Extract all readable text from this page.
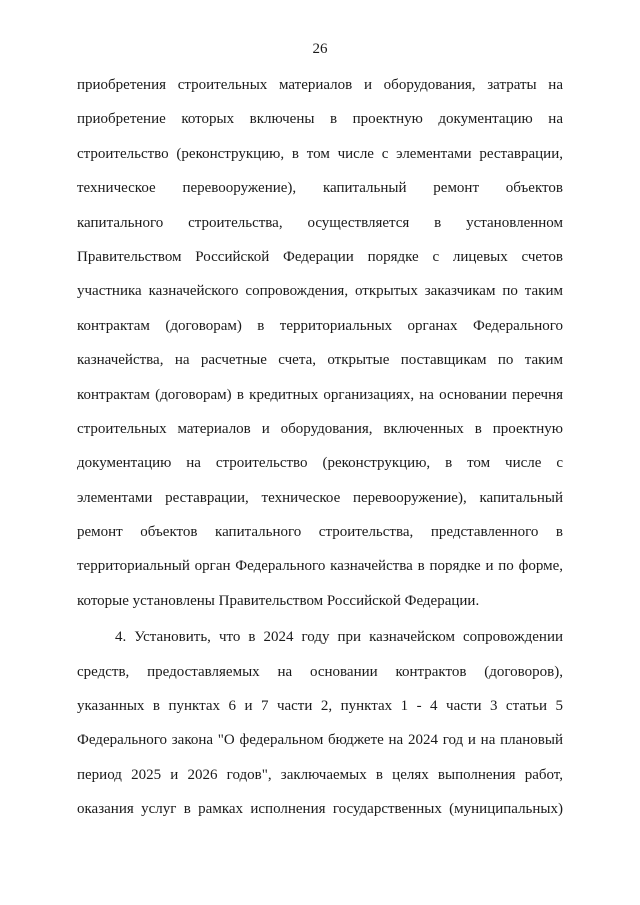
26
приобретения строительных материалов и оборудования, затраты на
приобретение которых включены в проектную документацию на
строительство (реконструкцию, в том числе с элементами реставрации,
техническое перевооружение), капитальный ремонт объектов
капитального строительства, осуществляется в установленном
Правительством Российской Федерации порядке с лицевых счетов
участника казначейского сопровождения, открытых заказчикам по таким
контрактам (договорам) в территориальных органах Федерального
казначейства, на расчетные счета, открытые поставщикам по таким
контрактам (договорам) в кредитных организациях, на основании перечня
строительных материалов и оборудования, включенных в проектную
документацию на строительство (реконструкцию, в том числе с
элементами реставрации, техническое перевооружение), капитальный
ремонт объектов капитального строительства, представленного в
территориальный орган Федерального казначейства в порядке и по форме,
которые установлены Правительством Российской Федерации.
4. Установить, что в 2024 году при казначейском сопровождении
средств, предоставляемых на основании контрактов (договоров),
указанных в пунктах 6 и 7 части 2, пунктах 1 - 4 части 3 статьи 5
Федерального закона "О федеральном бюджете на 2024 год и на плановый
период 2025 и 2026 годов", заключаемых в целях выполнения работ,
оказания услуг в рамках исполнения государственных (муниципальных)
